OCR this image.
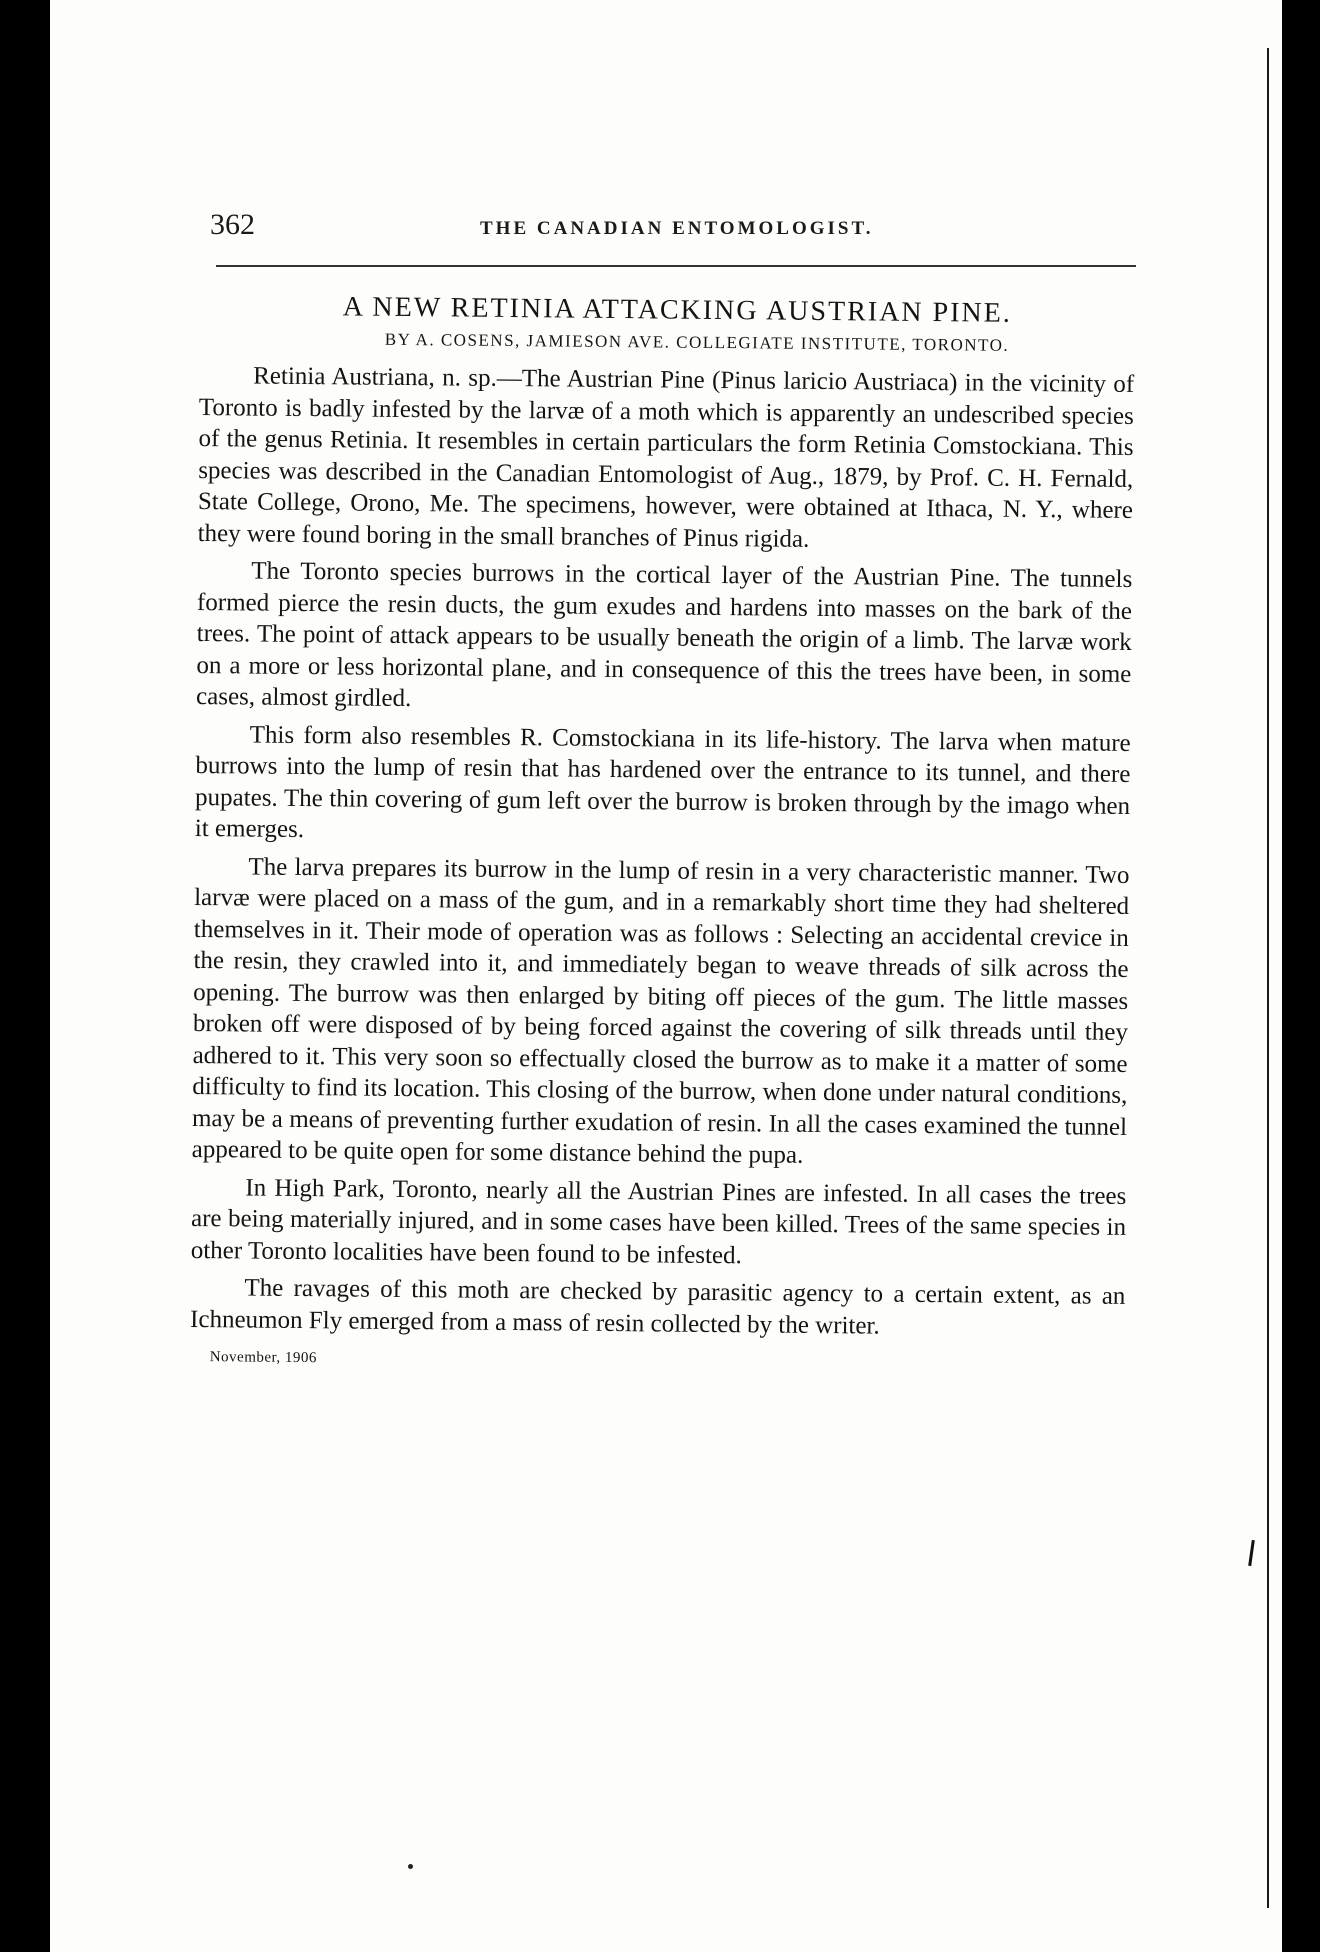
362	THE CANADIAN ENTOMOLOGIST.
A NEW RETINIA ATTACKING AUSTRIAN PINE.
BY A. COSENS, JAMIESON AVE. COLLEGIATE INSTITUTE, TORONTO.

Retinia Austriana, n. sp.—The Austrian Pine (Pinus laricio Austriaca) in the vicinity of Toronto is badly infested by the larvæ of a moth which is apparently an undescribed species of the genus Retinia. It resembles in certain particulars the form Retinia Comstockiana. This species was described in the Canadian Entomologist of Aug., 1879, by Prof. C. H. Fernald, State College, Orono, Me. The specimens, however, were obtained at Ithaca, N. Y., where they were found boring in the small branches of Pinus rigida.

The Toronto species burrows in the cortical layer of the Austrian Pine. The tunnels formed pierce the resin ducts, the gum exudes and hardens into masses on the bark of the trees. The point of attack appears to be usually beneath the origin of a limb. The larvæ work on a more or less horizontal plane, and in consequence of this the trees have been, in some cases, almost girdled.

This form also resembles R. Comstockiana in its life-history. The larva when mature burrows into the lump of resin that has hardened over the entrance to its tunnel, and there pupates. The thin covering of gum left over the burrow is broken through by the imago when it emerges.

The larva prepares its burrow in the lump of resin in a very characteristic manner. Two larvæ were placed on a mass of the gum, and in a remarkably short time they had sheltered themselves in it. Their mode of operation was as follows : Selecting an accidental crevice in the resin, they crawled into it, and immediately began to weave threads of silk across the opening. The burrow was then enlarged by biting off pieces of the gum. The little masses broken off were disposed of by being forced against the covering of silk threads until they adhered to it. This very soon so effectually closed the burrow as to make it a matter of some difficulty to find its location. This closing of the burrow, when done under natural conditions, may be a means of preventing further exudation of resin. In all the cases examined the tunnel appeared to be quite open for some distance behind the pupa.

In High Park, Toronto, nearly all the Austrian Pines are infested. In all cases the trees are being materially injured, and in some cases have been killed. Trees of the same species in other Toronto localities have been found to be infested.

The ravages of this moth are checked by parasitic agency to a certain extent, as an Ichneumon Fly emerged from a mass of resin collected by the writer.

November, 1906
